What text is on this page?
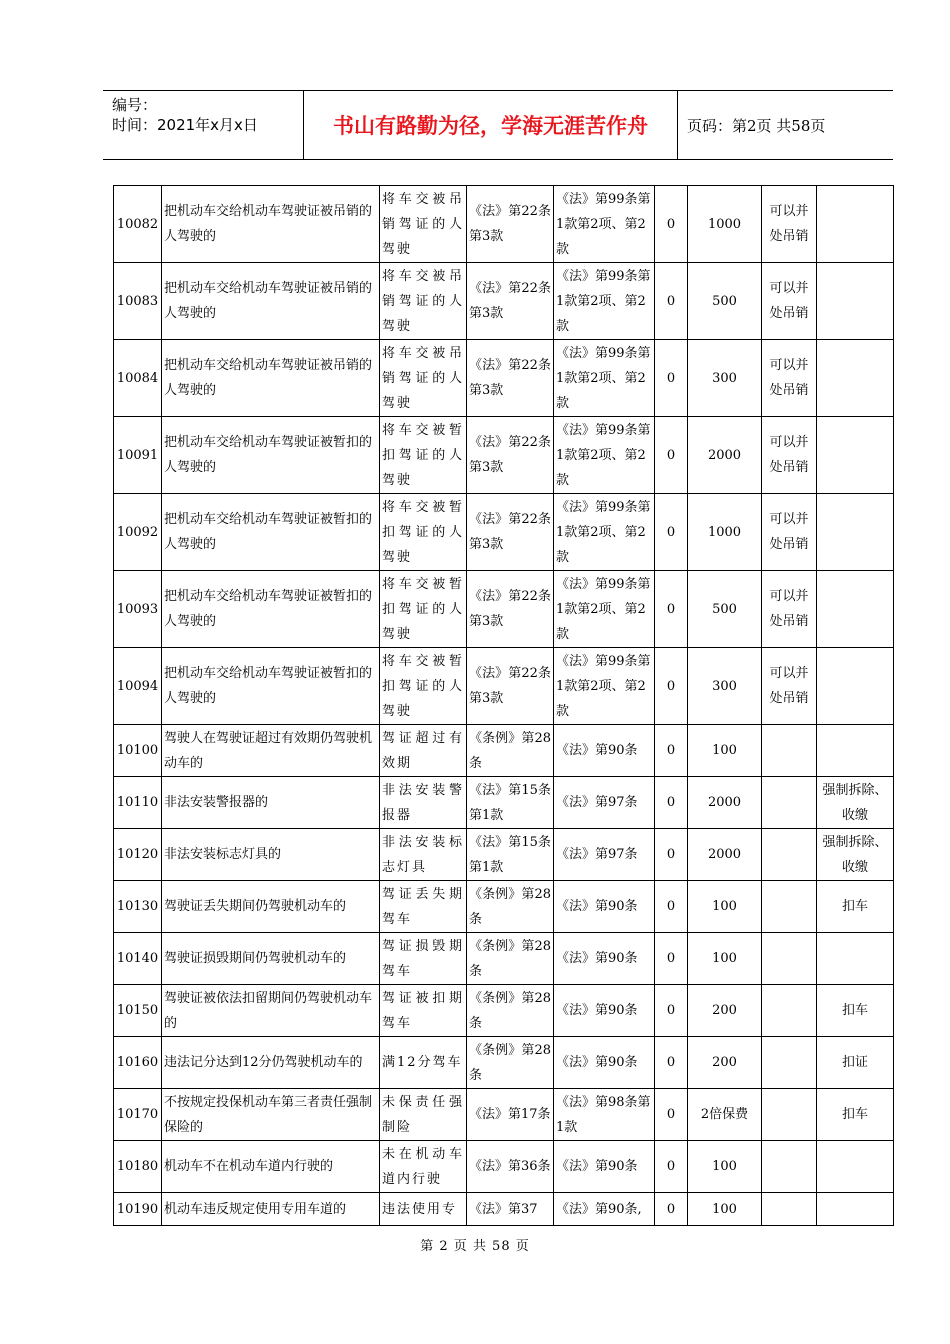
编号：
时间：2021年x月x日	书山有路勤为径，学海无涯苦作舟	页码：第2页 共58页
10082	把机动车交给机动车驾驶证被吊销的人驾驶的	将车交被吊销驾证的人驾驶	《法》第22条第3款	《法》第99条第1款第2项、第2款	0	1000	可以并处吊销	
10083	把机动车交给机动车驾驶证被吊销的人驾驶的	将车交被吊销驾证的人驾驶	《法》第22条第3款	《法》第99条第1款第2项、第2款	0	500	可以并处吊销	
10084	把机动车交给机动车驾驶证被吊销的人驾驶的	将车交被吊销驾证的人驾驶	《法》第22条第3款	《法》第99条第1款第2项、第2款	0	300	可以并处吊销	
10091	把机动车交给机动车驾驶证被暂扣的人驾驶的	将车交被暂扣驾证的人驾驶	《法》第22条第3款	《法》第99条第1款第2项、第2款	0	2000	可以并处吊销	
10092	把机动车交给机动车驾驶证被暂扣的人驾驶的	将车交被暂扣驾证的人驾驶	《法》第22条第3款	《法》第99条第1款第2项、第2款	0	1000	可以并处吊销	
10093	把机动车交给机动车驾驶证被暂扣的人驾驶的	将车交被暂扣驾证的人驾驶	《法》第22条第3款	《法》第99条第1款第2项、第2款	0	500	可以并处吊销	
10094	把机动车交给机动车驾驶证被暂扣的人驾驶的	将车交被暂扣驾证的人驾驶	《法》第22条第3款	《法》第99条第1款第2项、第2款	0	300	可以并处吊销	
10100	驾驶人在驾驶证超过有效期仍驾驶机动车的	驾证超过有效期	《条例》第28条	《法》第90条	0	100		
10110	非法安装警报器的	非法安装警报器	《法》第15条第1款	《法》第97条	0	2000		强制拆除、收缴
10120	非法安装标志灯具的	非法安装标志灯具	《法》第15条第1款	《法》第97条	0	2000		强制拆除、收缴
10130	驾驶证丢失期间仍驾驶机动车的	驾证丢失期驾车	《条例》第28条	《法》第90条	0	100		扣车
10140	驾驶证损毁期间仍驾驶机动车的	驾证损毁期驾车	《条例》第28条	《法》第90条	0	100		
10150	驾驶证被依法扣留期间仍驾驶机动车的	驾证被扣期驾车	《条例》第28条	《法》第90条	0	200		扣车
10160	违法记分达到12分仍驾驶机动车的	满12分驾车	《条例》第28条	《法》第90条	0	200		扣证
10170	不按规定投保机动车第三者责任强制保险的	未保责任强制险	《法》第17条	《法》第98条第1款	0	2倍保费		扣车
10180	机动车不在机动车道内行驶的	未在机动车道内行驶	《法》第36条	《法》第90条	0	100		
10190	机动车违反规定使用专用车道的	违法使用专	《法》第37	《法》第90条,	0	100		
第 2 页 共 58 页
